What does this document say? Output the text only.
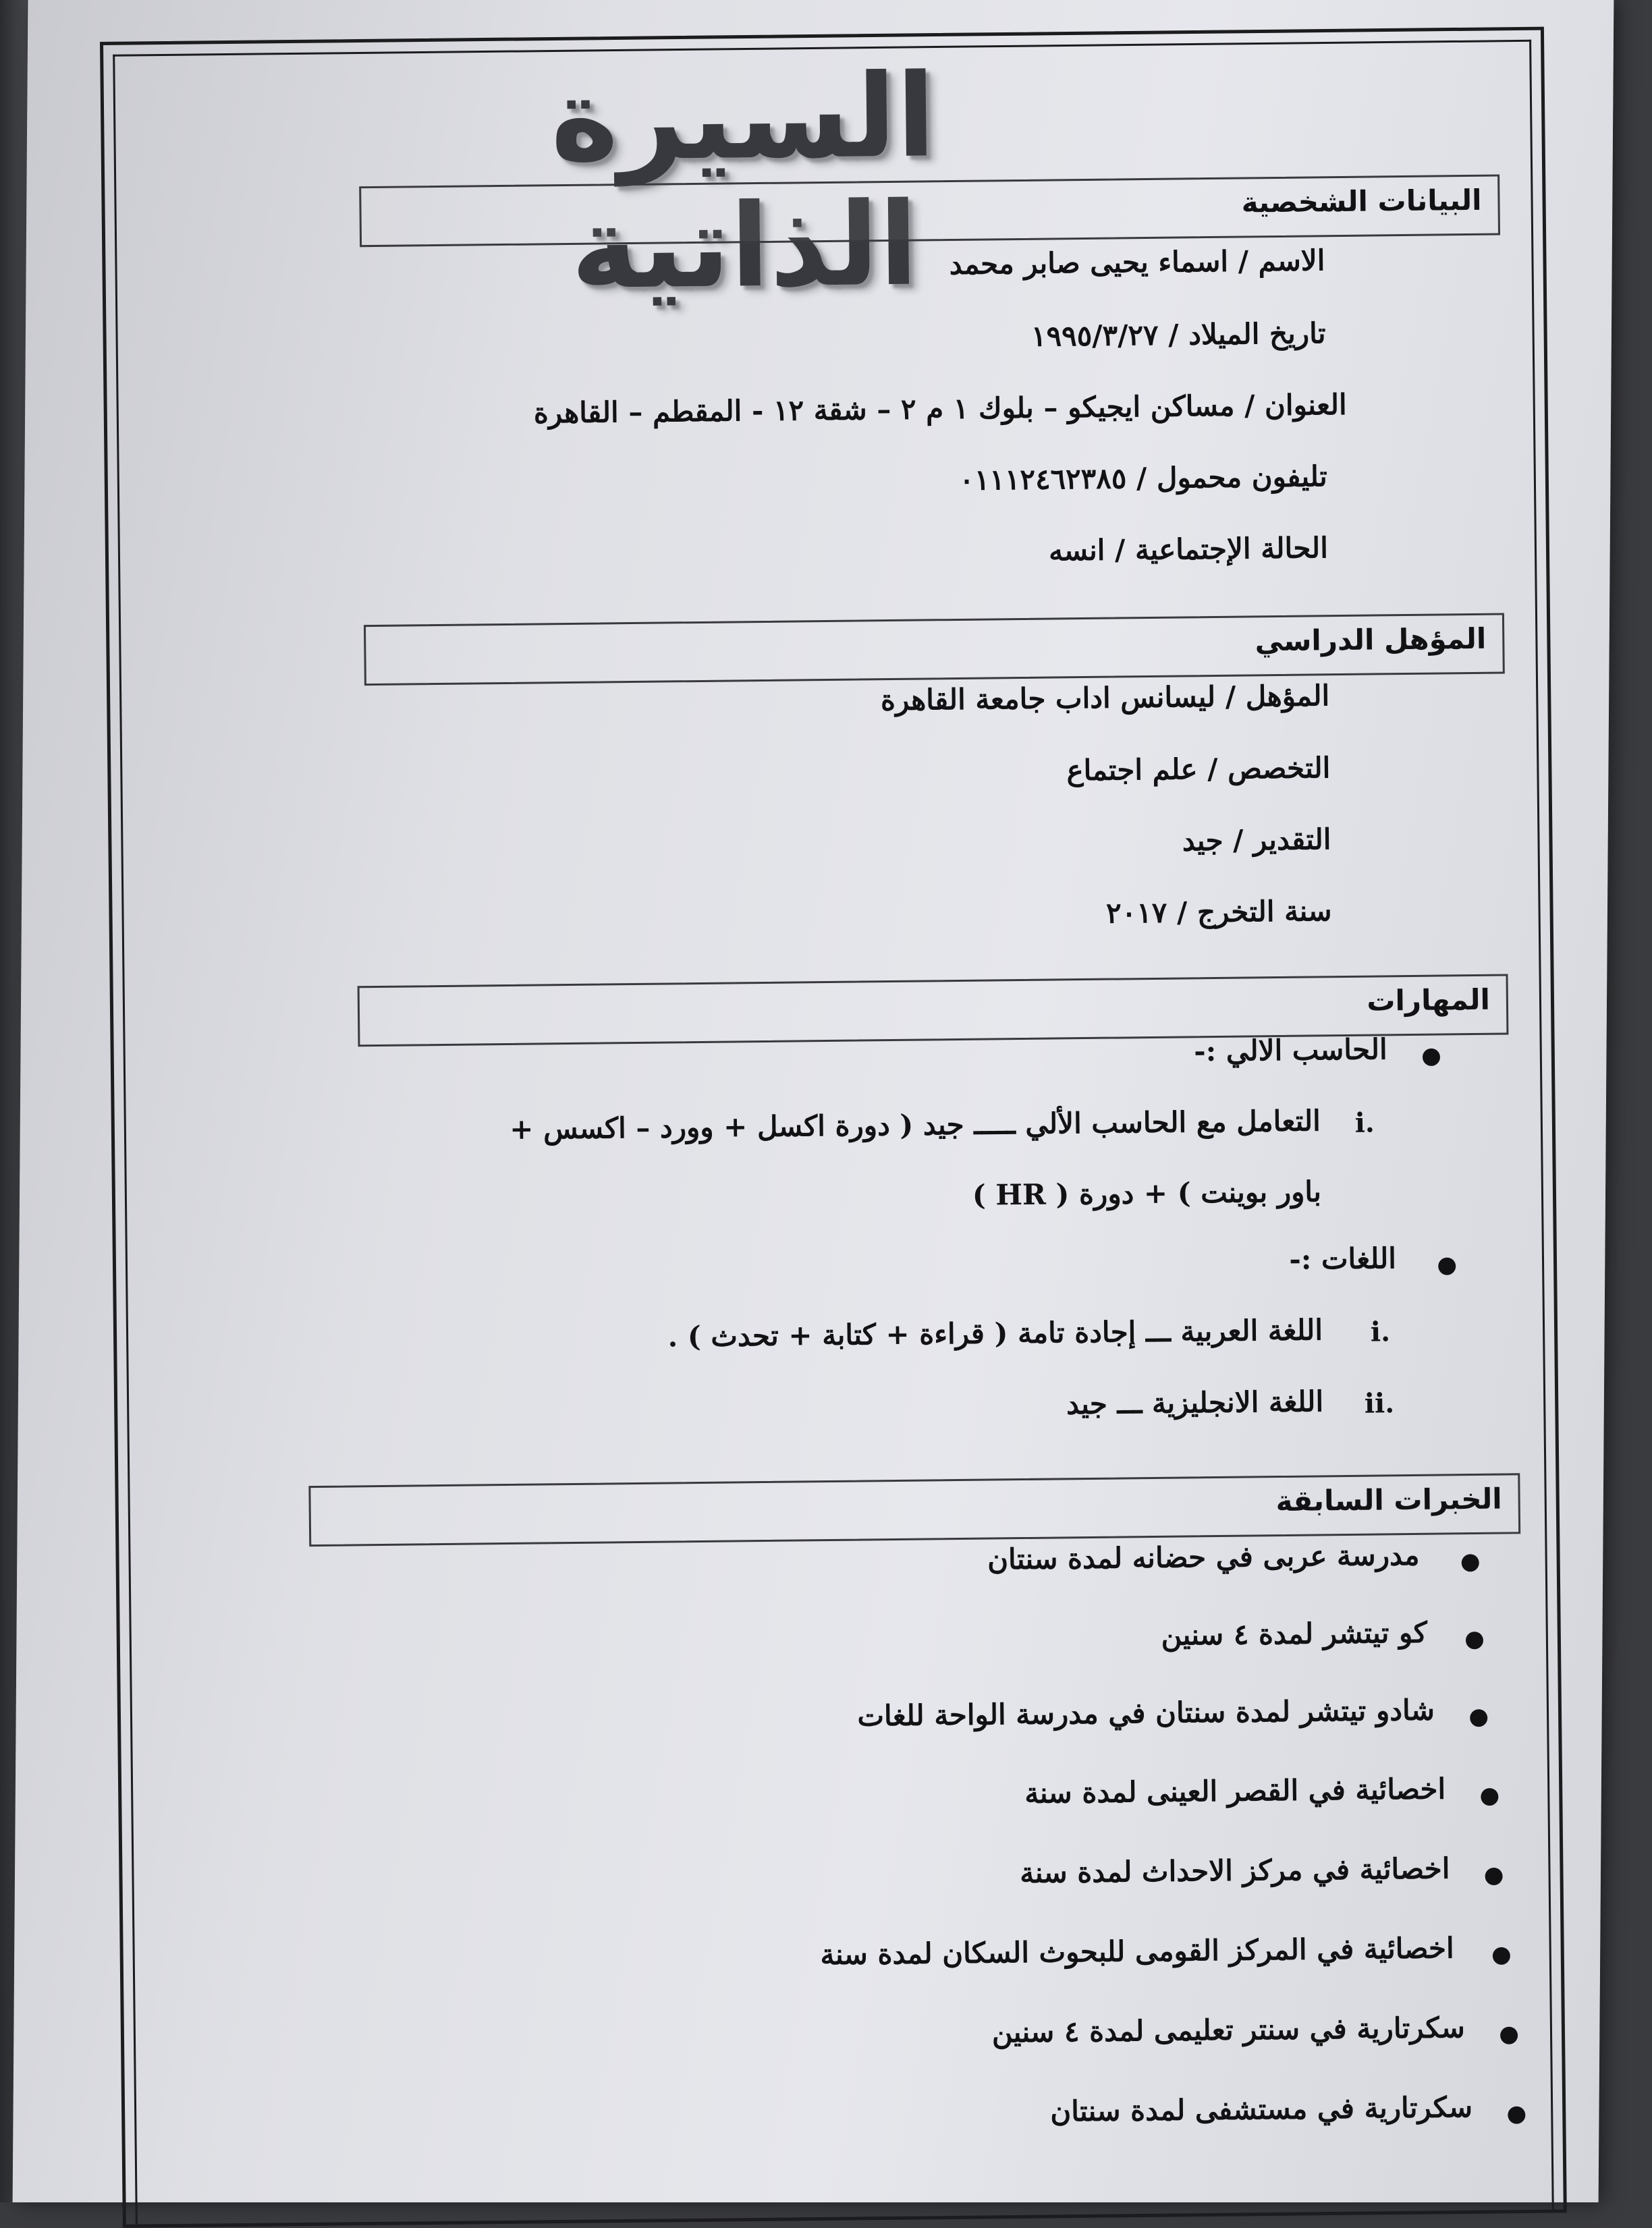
السيرة الذاتية	البيانات الشخصية
الاسم / اسماء يحيى صابر محمد
تاريخ الميلاد / ١٩٩٥/٣/٢٧
العنوان / مساكن ايجيكو – بلوك ١ م ٢ – شقة ١٢ - المقطم – القاهرة
تليفون محمول / ٠١١١٢٤٦٢٣٨٥
الحالة الإجتماعية / انسه
المؤهل الدراسي
المؤهل / ليسانس اداب جامعة القاهرة
التخصص / علم اجتماع
التقدير / جيد
سنة التخرج / ٢٠١٧
المهارات
●
الحاسب الالي :-
i.
التعامل مع الحاسب الألي ـــــ جيد ( دورة اكسل + وورد – اكسس +
باور بوينت ) + دورة ( HR )
●
اللغات :-
i.
اللغة العربية ـــ إجادة تامة ( قراءة + كتابة + تحدث ) .
ii.
اللغة الانجليزية ـــ جيد
الخبرات السابقة
●
مدرسة عربى في حضانه لمدة سنتان
●
كو تيتشر لمدة ٤ سنين
●
شادو تيتشر لمدة سنتان في مدرسة الواحة للغات
●
اخصائية في القصر العينى لمدة سنة
●
اخصائية في مركز الاحداث لمدة سنة
●
اخصائية في المركز القومى للبحوث السكان لمدة سنة
●
سكرتارية في سنتر تعليمى لمدة ٤ سنين
●
سكرتارية في مستشفى لمدة سنتان
